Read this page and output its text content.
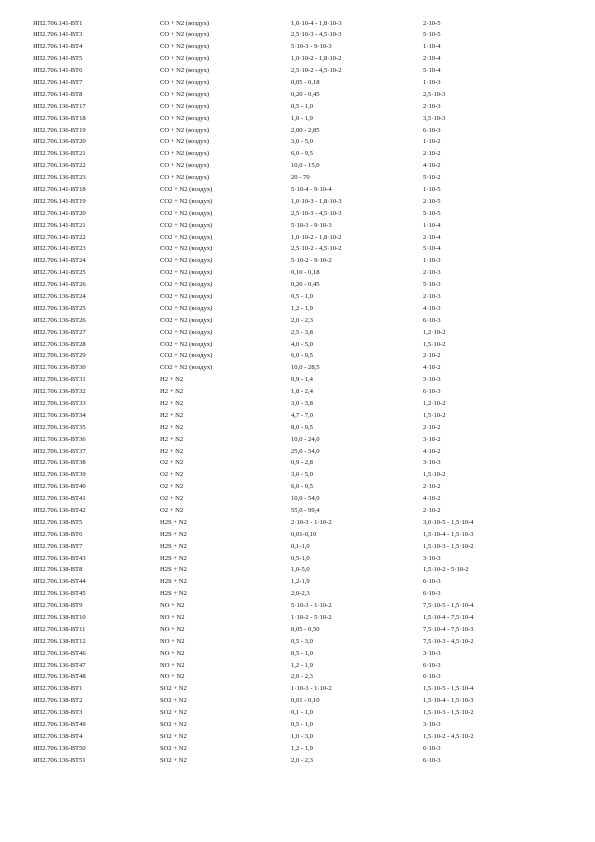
ЯП2.706.141-ВТ1	CO + N2 (воздух)	1,0·10-4 - 1,8·10-3	2·10-5
ЯП2.706.141-ВТ3	CO + N2 (воздух)	2,5·10-3 - 4,5·10-3	5·10-5
ЯП2.706.141-ВТ4	CO + N2 (воздух)	5·10-3 - 9·10-3	1·10-4
ЯП2.706.141-ВТ5	CO + N2 (воздух)	1,0·10-2 - 1,8·10-2	2·10-4
ЯП2.706.141-ВТ6	CO + N2 (воздух)	2,5·10-2 - 4,5·10-2	5·10-4
ЯП2.706.141-ВТ7	CO + N2 (воздух)	0,05 - 0,18	1·10-3
ЯП2.706.141-ВТ8	CO + N2 (воздух)	0,20 - 0,45	2,5·10-3
ЯП2.706.136-ВТ17	CO + N2 (воздух)	0,5 - 1,0	2·10-3
ЯП2.706.136-ВТ18	CO + N2 (воздух)	1,0 - 1,9	3,5·10-3
ЯП2.706.136-ВТ19	CO + N2 (воздух)	2,00 - 2,85	6·10-3
ЯП2.706.136-ВТ20	CO + N2 (воздух)	3,0 - 5,0	1·10-2
ЯП2.706.136-ВТ21	CO + N2 (воздух)	6,0 - 9,5	2·10-2
ЯП2.706.136-ВТ22	CO + N2 (воздух)	10,0 - 15,0	4·10-2
ЯП2.706.136-ВТ23	CO + N2 (воздух)	20 - 70	5·10-2
ЯП2.706.141-ВТ18	CO2 + N2 (воздух)	5·10-4 - 9·10-4	1·10-5
ЯП2.706.141-ВТ19	CO2 + N2 (воздух)	1,0·10-3 - 1,8·10-3	2·10-5
ЯП2.706.141-ВТ20	CO2 + N2 (воздух)	2,5·10-3 - 4,5·10-3	5·10-5
ЯП2.706.141-ВТ21	CO2 + N2 (воздух)	5·10-3 - 9·10-3	1·10-4
ЯП2.706.141-ВТ22	CO2 + N2 (воздух)	1,0·10-2 - 1,8·10-2	2·10-4
ЯП2.706.141-ВТ23	CO2 + N2 (воздух)	2,5·10-2 - 4,5·10-2	5·10-4
ЯП2.706.141-ВТ24	CO2 + N2 (воздух)	5·10-2 - 9·10-2	1·10-3
ЯП2.706.141-ВТ25	CO2 + N2 (воздух)	0,10 - 0,18	2·10-3
ЯП2.706.141-ВТ26	CO2 + N2 (воздух)	0,20 - 0,45	5·10-3
ЯП2.706.136-ВТ24	CO2 + N2 (воздух)	0,5 - 1,0	2·10-3
ЯП2.706.136-ВТ25	CO2 + N2 (воздух)	1,2 - 1,9	4·10-3
ЯП2.706.136-ВТ26	CO2 + N2 (воздух)	2,0 - 2,3	6·10-3
ЯП2.706.136-ВТ27	CO2 + N2 (воздух)	2,5 - 3,8	1,2·10-2
ЯП2.706.136-ВТ28	CO2 + N2 (воздух)	4,0 - 5,0	1,5·10-2
ЯП2.706.136-ВТ29	CO2 + N2 (воздух)	6,0 - 9,5	2·10-2
ЯП2.706.136-ВТ30	CO2 + N2 (воздух)	10,0 - 28,5	4·10-2
ЯП2.706.136-ВТ31	H2 + N2	0,9 - 1,4	3·10-3
ЯП2.706.136-ВТ32	H2 + N2	1,8 - 2,4	6·10-3
ЯП2.706.136-ВТ33	H2 + N2	3,0 - 3,8	1,2·10-2
ЯП2.706.136-ВТ34	H2 + N2	4,7 - 7,0	1,5·10-2
ЯП2.706.136-ВТ35	H2 + N2	8,0 - 9,5	2·10-2
ЯП2.706.136-ВТ36	H2 + N2	10,0 - 24,0	3·10-2
ЯП2.706.136-ВТ37	H2 + N2	25,0 - 54,0	4·10-2
ЯП2.706.136-ВТ38	O2 + N2	0,9 - 2,8	3·10-3
ЯП2.706.136-ВТ39	O2 + N2	3,0 - 5,0	1,5·10-2
ЯП2.706.136-ВТ40	O2 + N2	6,0 - 9,5	2·10-2
ЯП2.706.136-ВТ41	O2 + N2	10,0 - 54,0	4·10-2
ЯП2.706.136-ВТ42	O2 + N2	55,0 - 99,4	2·10-2
ЯП2.706.138-ВТ5	H2S + N2	2·10-3 - 1·10-2	3,0·10-5 - 1,5·10-4
ЯП2.706.138-ВТ6	H2S + N2	0,01-0,10	1,5·10-4 - 1,5·10-3
ЯП2.706.138-ВТ7	H2S + N2	0,1-1,0	1,5·10-3 - 1,5·10-2
ЯП2.706.136-ВТ43	H2S + N2	0,5-1,0	3·10-3
ЯП2.706.138-ВТ8	H2S + N2	1,0-5,0	1,5·10-2 - 5·10-2
ЯП2.706.136-ВТ44	H2S + N2	1,2-1,9	6·10-3
ЯП2.706.136-ВТ45	H2S + N2	2,0-2,3	6·10-3
ЯП2.706.138-ВТ9	NO + N2	5·10-3 - 1·10-2	7,5·10-5 - 1,5·10-4
ЯП2.706.138-ВТ10	NO + N2	1·10-2 - 5·10-2	1,5·10-4 - 7,5·10-4
ЯП2.706.138-ВТ11	NO + N2	0,05 - 0,50	7,5·10-4 - 7,5·10-3
ЯП2.706.138-ВТ12	NO + N2	0,5 - 3,0	7,5·10-3 - 4,5·10-2
ЯП2.706.136-ВТ46	NO + N2	0,5 - 1,0	3·10-3
ЯП2.706.136-ВТ47	NO + N2	1,2 - 1,9	6·10-3
ЯП2.706.136-ВТ48	NO + N2	2,0 - 2,3	6·10-3
ЯП2.706.138-ВТ1	SO2 + N2	1·10-3 - 1·10-2	1,5·10-5 - 1,5·10-4
ЯП2.706.138-ВТ2	SO2 + N2	0,01 - 0,10	1,5·10-4 - 1,5·10-3
ЯП2.706.138-ВТ3	SO2 + N2	0,1 - 1,0	1,5·10-3 - 1,5·10-2
ЯП2.706.136-ВТ49	SO2 + N2	0,5 - 1,0	3·10-3
ЯП2.706.138-ВТ4	SO2 + N2	1,0 - 3,0	1,5·10-2 - 4,5·10-2
ЯП2.706.136-ВТ50	SO2 + N2	1,2 - 1,9	6·10-3
ЯП2.706.136-ВТ51	SO2 + N2	2,0 - 2,3	6·10-3
